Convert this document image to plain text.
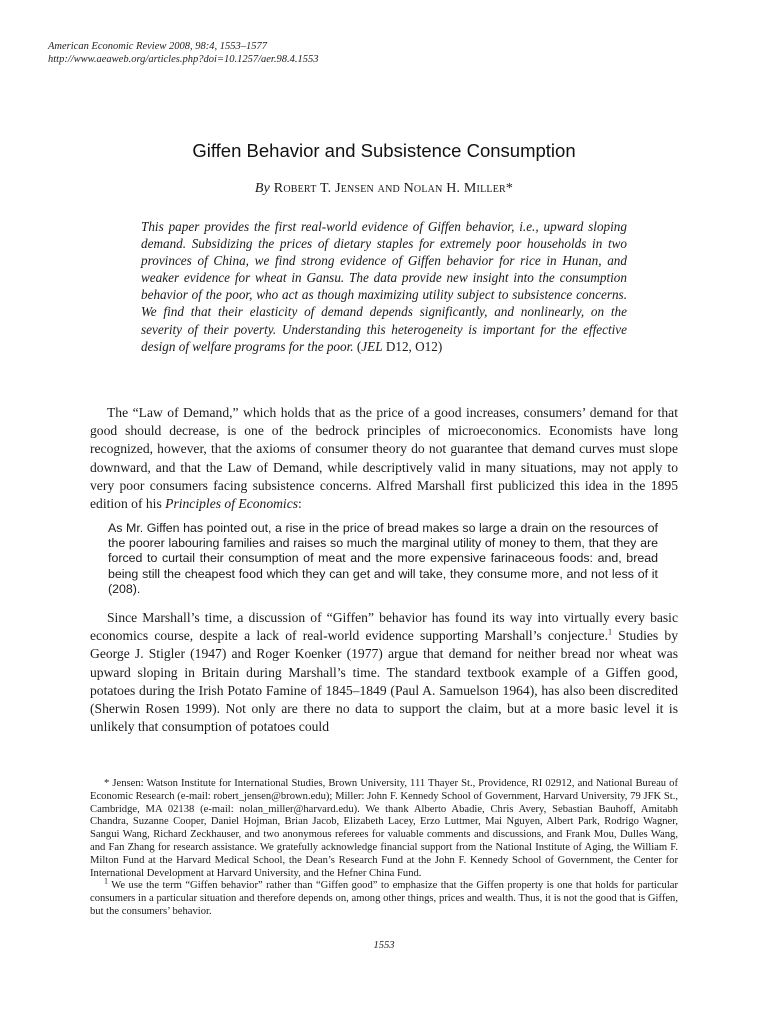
American Economic Review 2008, 98:4, 1553–1577
http://www.aeaweb.org/articles.php?doi=10.1257/aer.98.4.1553
Giffen Behavior and Subsistence Consumption
By Robert T. Jensen and Nolan H. Miller*
This paper provides the first real-world evidence of Giffen behavior, i.e., upward sloping demand. Subsidizing the prices of dietary staples for extremely poor households in two provinces of China, we find strong evidence of Giffen behavior for rice in Hunan, and weaker evidence for wheat in Gansu. The data provide new insight into the consumption behavior of the poor, who act as though maximizing utility subject to subsistence concerns. We find that their elasticity of demand depends significantly, and nonlinearly, on the severity of their poverty. Understanding this heterogeneity is important for the effective design of welfare programs for the poor. (JEL D12, O12)
The “Law of Demand,” which holds that as the price of a good increases, consumers’ demand for that good should decrease, is one of the bedrock principles of microeconomics. Economists have long recognized, however, that the axioms of consumer theory do not guarantee that demand curves must slope downward, and that the Law of Demand, while descriptively valid in many situations, may not apply to very poor consumers facing subsistence concerns. Alfred Marshall first publicized this idea in the 1895 edition of his Principles of Economics:
As Mr. Giffen has pointed out, a rise in the price of bread makes so large a drain on the resources of the poorer labouring families and raises so much the marginal utility of money to them, that they are forced to curtail their consumption of meat and the more expensive farinaceous foods: and, bread being still the cheapest food which they can get and will take, they consume more, and not less of it (208).
Since Marshall’s time, a discussion of “Giffen” behavior has found its way into virtually every basic economics course, despite a lack of real-world evidence supporting Marshall’s conjecture.$^1$ Studies by George J. Stigler (1947) and Roger Koenker (1977) argue that demand for neither bread nor wheat was upward sloping in Britain during Marshall’s time. The standard textbook example of a Giffen good, potatoes during the Irish Potato Famine of 1845–1849 (Paul A. Samuelson 1964), has also been discredited (Sherwin Rosen 1999). Not only are there no data to support the claim, but at a more basic level it is unlikely that consumption of potatoes could

* Jensen: Watson Institute for International Studies, Brown University, 111 Thayer St., Providence, RI 02912, and National Bureau of Economic Research (e-mail: robert_jensen@brown.edu); Miller: John F. Kennedy School of Government, Harvard University, 79 JFK St., Cambridge, MA 02138 (e-mail: nolan_miller@harvard.edu). We thank Alberto Abadie, Chris Avery, Sebastian Bauhoff, Amitabh Chandra, Suzanne Cooper, Daniel Hojman, Brian Jacob, Elizabeth Lacey, Erzo Luttmer, Mai Nguyen, Albert Park, Rodrigo Wagner, Sangui Wang, Richard Zeckhauser, and two anonymous referees for valuable comments and discussions, and Frank Mou, Dulles Wang, and Fan Zhang for research assistance. We gratefully acknowledge financial support from the National Institute of Aging, the William F. Milton Fund at the Harvard Medical School, the Dean’s Research Fund at the John F. Kennedy School of Government, the Center for International Development at Harvard University, and the Hefner China Fund.

$^1$ We use the term “Giffen behavior” rather than “Giffen good” to emphasize that the Giffen property is one that holds for particular consumers in a particular situation and therefore depends on, among other things, prices and wealth. Thus, it is not the good that is Giffen, but the consumers’ behavior.

1553
